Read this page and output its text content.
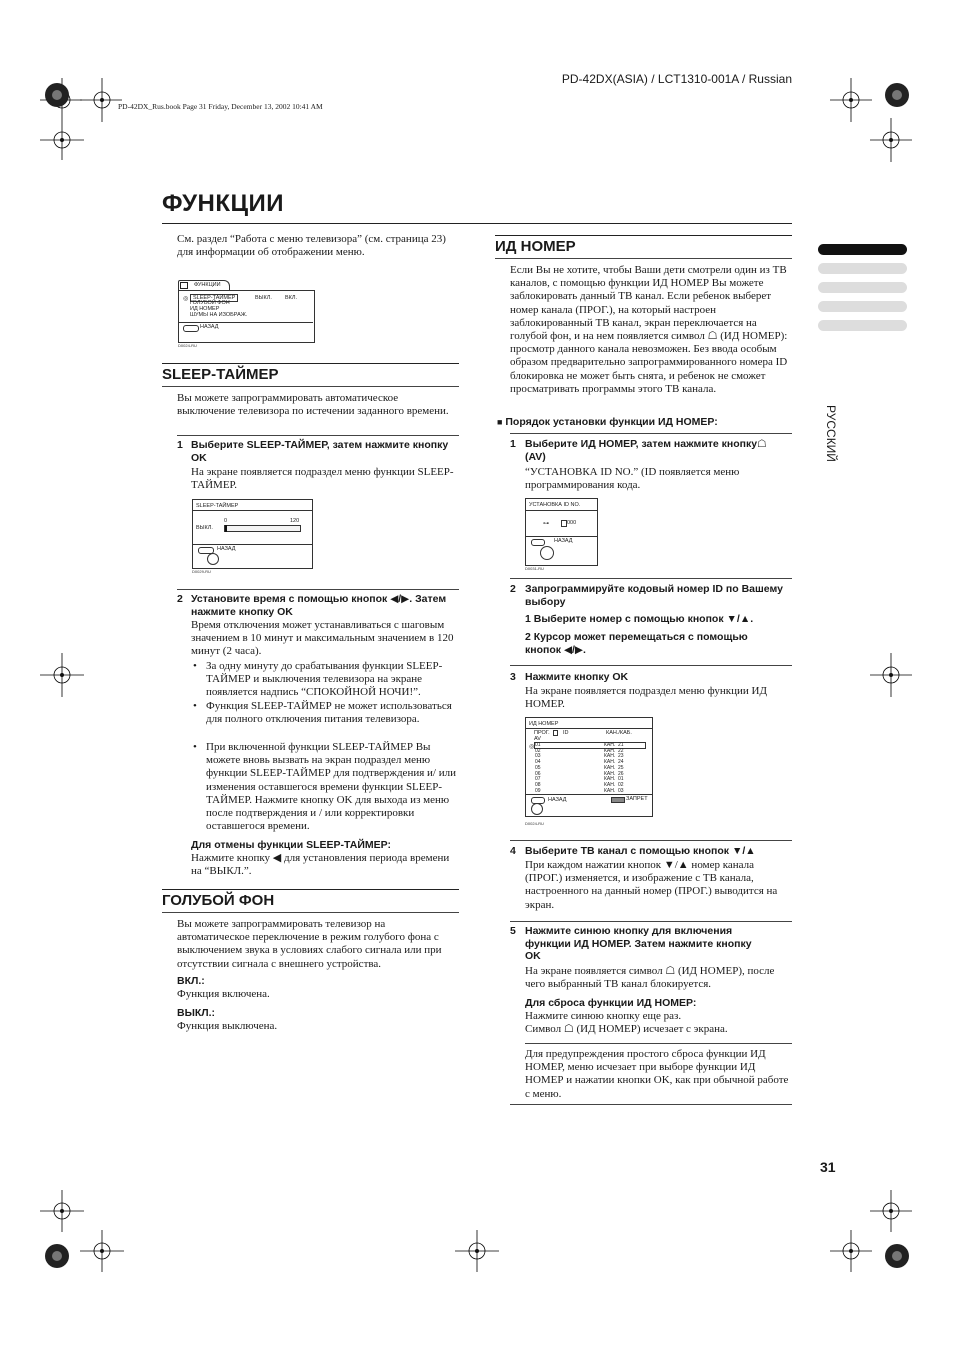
PD-42DX(ASIA) / LCT1310-001A / Russian
PD-42DX_Rus.book Page 31 Friday, December 13, 2002 10:41 AM
ФУНКЦИИ
РУССКИЙ
31
См. раздел “Работа с меню телевизора” (см. страница 23) для информации об отображении меню.
ФУНКЦИИ
◎ SLEEP-ТАЙМЕР
ГОЛУБОЙ ФОН
ИД НОМЕР
ШУМЫ НА ИЗОБРАЖ.
ВЫКЛ. ВКЛ.
НАЗАД
D0024-RU
SLEEP-ТАЙМЕР
Вы можете запрограммировать автоматическое выключение телевизора по истечении заданного времени.
1 Выберите SLEEP-ТАЙМЕР, затем нажмите кнопку OK
На экране появляется подраздел меню функции SLEEP-ТАЙМЕР.
SLEEP-ТАЙМЕР
0	120
ВЫКЛ.
НАЗАД
D0029-RU
2 Установите время с помощью кнопок ◀/▶. Затем нажмите кнопку OK
Время отключения может устанавливаться с шаговым значением в 10 минут и максимальным значением в 120 минут (2 часа).
• За одну минуту до срабатывания функции SLEEP-ТАЙМЕР и выключения телевизора на экране появляется надпись “СПОКОЙНОЙ НОЧИ!”.
• Функция SLEEP-ТАЙМЕР не может использоваться для полного отключения питания телевизора.
• При включенной функции SLEEP-ТАЙМЕР Вы можете вновь вызвать на экран подраздел меню функции SLEEP-ТАЙМЕР для подтверждения и/ или изменения оставшегося времени функции SLEEP-ТАЙМЕР. Нажмите кнопку OK для выхода из меню после подтверждения и / или корректировки оставшегося времени.
Для отмены функции SLEEP-ТАЙМЕР:
Нажмите кнопку ◀ для установления периода времени на “ВЫКЛ.”.
ГОЛУБОЙ ФОН
Вы можете запрограммировать телевизор на автоматическое переключение в режим голубого фона с выключением звука в условиях слабого сигнала или при отсутствии сигнала с внешнего устройства.
ВКЛ.:
Функция включена.
ВЫКЛ.:
Функция выключена.
ИД НОМЕР
Если Вы не хотите, чтобы Ваши дети смотрели один из ТВ каналов, с помощью функции ИД НОМЕР Вы можете заблокировать данный ТВ канал. Если ребенок выберет номер канала (ПРОГ.), на который настроен заблокированный ТВ канал, экран переключается на голубой фон, и на нем появляется символ ☖ (ИД НОМЕР): просмотр данного канала невозможен. Без ввода особым образом предварительно запрограммированного номера ID блокировка не может быть снята, и ребенок не сможет просматривать программы этого ТВ канала.
■ Порядок установки функции ИД НОМЕР:
1 Выберите ИД НОМЕР, затем нажмите кнопку☖ (AV)
“УСТАНОВКА ID NO.” (ID появляется меню программирования кода.
УСТАНОВКА ID NO.
⊶	000
НАЗАД
D0031-RU
2 Запрограммируйте кодовый номер ID по Вашему выбору
1 Выберите номер с помощью кнопок ▼/▲.
2 Курсор может перемещаться с помощью кнопок ◀/▶.
3 Нажмите кнопку OK
На экране появляется подраздел меню функции ИД НОМЕР.
ИД НОМЕР
ПРОГ. ID	КАН./КАБ.
AV
◎ 01	КАН.  21
02	КАН.  22
03	КАН.  23
04	КАН.  24
05	КАН.  25
06	КАН.  26
07	КАН.  01
08	КАН.  02
09	КАН.  03
НАЗАД	ЗАПРЕТ
D0024-RU
4 Выберите ТВ канал с помощью кнопок ▼/▲
При каждом нажатии кнопок ▼/▲ номер канала (ПРОГ.) изменяется, и изображение с ТВ канала, настроенного на данный номер (ПРОГ.) выводится на экран.
5 Нажмите синюю кнопку для включения функции ИД НОМЕР. Затем нажмите кнопку OK
На экране появляется символ ☖ (ИД НОМЕР), после чего выбранный ТВ канал блокируется.
Для сброса функции ИД НОМЕР:
Нажмите синюю кнопку еще раз.
Символ ☖ (ИД НОМЕР) исчезает с экрана.
Для предупреждения простого сброса функции ИД НОМЕР, меню исчезает при выборе функции ИД НОМЕР и нажатии кнопки OK, как при обычной работе с меню.
